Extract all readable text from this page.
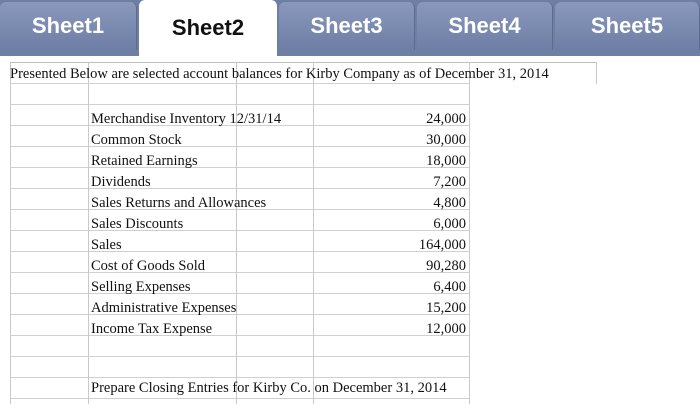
Sheet1	Sheet2	Sheet3	Sheet4	Sheet5
Presented Below are selected account balances for Kirby Company as of December 31, 2014
Merchandise Inventory 12/31/14	24,000
Common Stock	30,000
Retained Earnings	18,000
Dividends	7,200
Sales Returns and Allowances	4,800
Sales Discounts	6,000
Sales	164,000
Cost of Goods Sold	90,280
Selling Expenses	6,400
Administrative Expenses	15,200
Income Tax Expense	12,000
Prepare Closing Entries for Kirby Co. on December 31, 2014
